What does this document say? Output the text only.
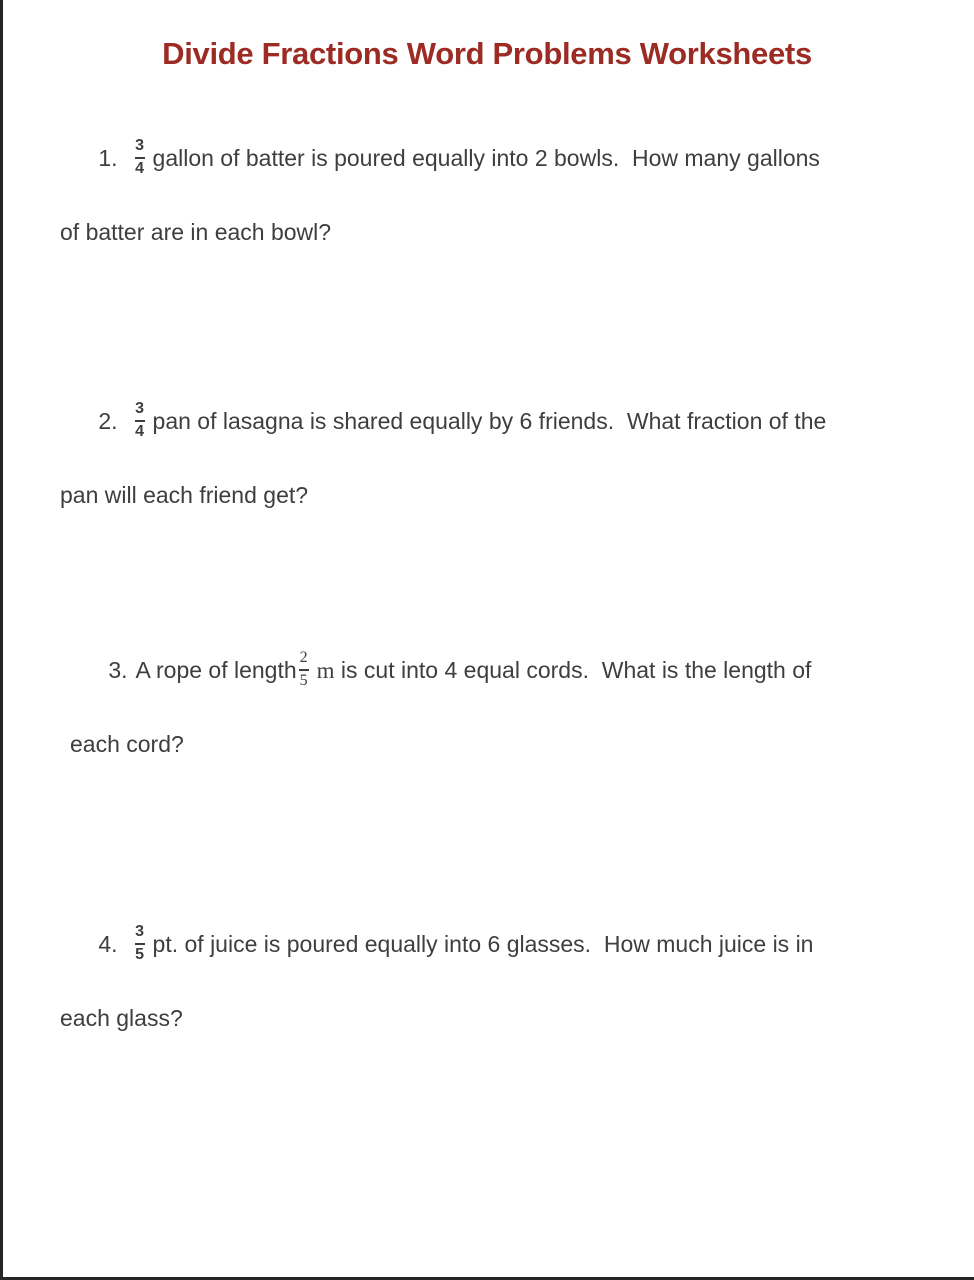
Divide Fractions Word Problems Worksheets

1. $\frac{3}{4}$ gallon of batter is poured equally into 2 bowls.  How many gallons

of batter are in each bowl?

2. $\frac{3}{4}$ pan of lasagna is shared equally by 6 friends.  What fraction of the

pan will each friend get?

3. A rope of length $\frac{2}{5}$ m is cut into 4 equal cords.  What is the length of

each cord?

4. $\frac{3}{5}$ pt. of juice is poured equally into 6 glasses.  How much juice is in

each glass?
